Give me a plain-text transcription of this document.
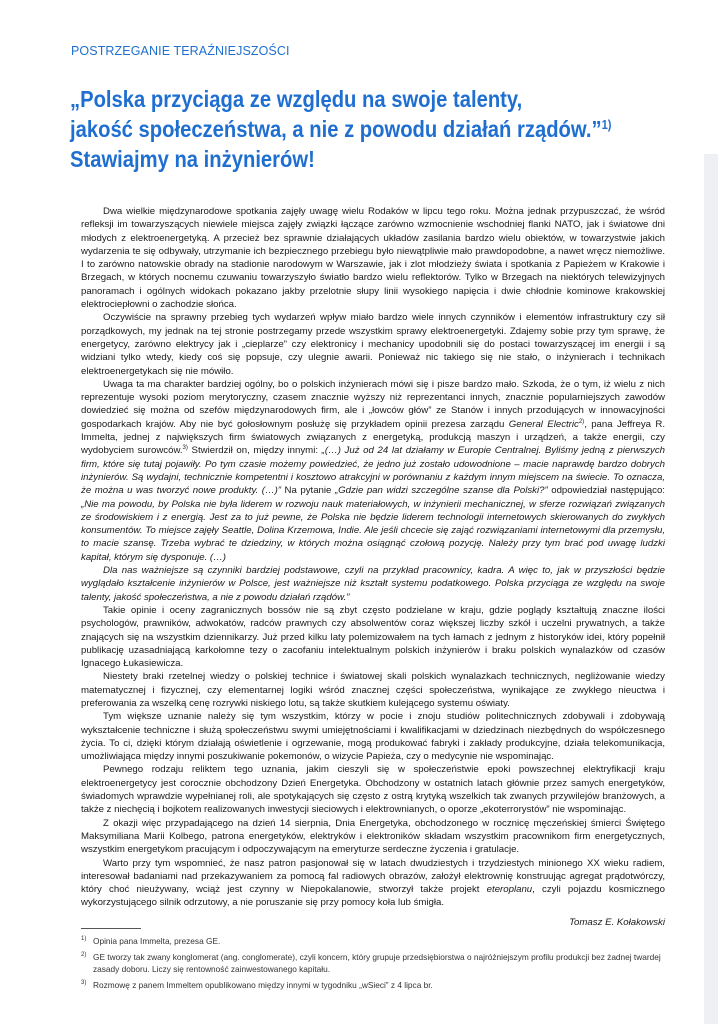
POSTRZEGANIE TERAŹNIEJSZOŚCI
„Polska przyciąga ze względu na swoje talenty,
jakość społeczeństwa, a nie z powodu działań rządów.”$^{1)}$
Stawiajmy na inżynierów!

Dwa wielkie międzynarodowe spotkania zajęły uwagę wielu Rodaków w lipcu tego roku. Można jednak przypuszczać, że wśród refleksji im towarzyszących niewiele miejsca zajęły związki łączące zarówno wzmocnienie wschodniej flanki NATO, jak i światowe dni młodych z elektroenergetyką. A przecież bez sprawnie działających układów zasilania bardzo wielu obiektów, w towarzystwie jakich wydarzenia te się odbywały, utrzymanie ich bezpiecznego przebiegu było niewątpliwie mało prawdopodobne, a nawet wręcz niemożliwe. I to zarówno natowskie obrady na stadionie narodowym w Warszawie, jak i zlot młodzieży świata i spotkania z Papieżem w Krakowie i Brzegach, w których nocnemu czuwaniu towarzyszyło światło bardzo wielu reflektorów. Tylko w Brzegach na niektórych telewizyjnych panoramach i ogólnych widokach pokazano jakby przelotnie słupy linii wysokiego napięcia i dwie chłodnie kominowe krakowskiej elektrociepłowni o zachodzie słońca.

Oczywiście na sprawny przebieg tych wydarzeń wpływ miało bardzo wiele innych czynników i elementów infrastruktury czy sił porządkowych, my jednak na tej stronie postrzegamy przede wszystkim sprawy elektroenergetyki. Zdajemy sobie przy tym sprawę, że energetycy, zarówno elektrycy jak i „cieplarze” czy elektronicy i mechanicy upodobnili się do postaci towarzyszącej im energii i są widziani tylko wtedy, kiedy coś się popsuje, czy ulegnie awarii. Ponieważ nic takiego się nie stało, o inżynierach i technikach elektroenergetykach się nie mówiło.

Uwaga ta ma charakter bardziej ogólny, bo o polskich inżynierach mówi się i pisze bardzo mało. Szkoda, że o tym, iż wielu z nich reprezentuje wysoki poziom merytoryczny, czasem znacznie wyższy niż reprezentanci innych, znacznie popularniejszych zawodów dowiedzieć się można od szefów międzynarodowych firm, ale i „łowców głów” ze Stanów i innych przodujących w innowacyjności gospodarkach krajów. Aby nie być gołosłownym posłużę się przykładem opinii prezesa zarządu General Electric$^{2)}$, pana Jeffreya R. Immelta, jednej z największych firm światowych związanych z energetyką, produkcją maszyn i urządzeń, a także energii, czy wydobyciem surowców.$^{3)}$ Stwierdził on, między innymi: „(…) Już od 24 lat działamy w Europie Centralnej. Byliśmy jedną z pierwszych firm, które się tutaj pojawiły. Po tym czasie możemy powiedzieć, że jedno już zostało udowodnione – macie naprawdę bardzo dobrych inżynierów. Są wydajni, technicznie kompetentni i kosztowo atrakcyjni w porównaniu z każdym innym miejscem na świecie. To oznacza, że można u was tworzyć nowe produkty. (…)” Na pytanie „Gdzie pan widzi szczególne szanse dla Polski?” odpowiedział następująco: „Nie ma powodu, by Polska nie była liderem w rozwoju nauk materiałowych, w inżynierii mechanicznej, w sferze rozwiązań związanych ze środowiskiem i z energią. Jest za to już pewne, że Polska nie będzie liderem technologii internetowych skierowanych do zwykłych konsumentów. To miejsce zajęły Seattle, Dolina Krzemowa, Indie. Ale jeśli chcecie się zająć rozwiązaniami internetowymi dla przemysłu, to macie szansę. Trzeba wybrać te dziedziny, w których można osiągnąć czołową pozycję. Należy przy tym brać pod uwagę ludzki kapitał, którym się dysponuje. (…)

Dla nas ważniejsze są czynniki bardziej podstawowe, czyli na przykład pracownicy, kadra. A więc to, jak w przyszłości będzie wyglądało kształcenie inżynierów w Polsce, jest ważniejsze niż kształt systemu podatkowego. Polska przyciąga ze względu na swoje talenty, jakość społeczeństwa, a nie z powodu działań rządów.”

Takie opinie i oceny zagranicznych bossów nie są zbyt często podzielane w kraju, gdzie poglądy kształtują znaczne ilości psychologów, prawników, adwokatów, radców prawnych czy absolwentów coraz większej liczby szkół i uczelni prywatnych, a także znających się na wszystkim dziennikarzy. Już przed kilku laty polemizowałem na tych łamach z jednym z historyków idei, który popełnił publikację uzasadniającą karkołomne tezy o zacofaniu intelektualnym polskich inżynierów i braku polskich wynalazków od czasów Ignacego Łukasiewicza.

Niestety braki rzetelnej wiedzy o polskiej technice i światowej skali polskich wynalazkach technicznych, negliżowanie wiedzy matematycznej i fizycznej, czy elementarnej logiki wśród znacznej części społeczeństwa, wynikające ze zwykłego nieuctwa i preferowania za wszelką cenę rozrywki niskiego lotu, są także skutkiem kulejącego systemu oświaty.

Tym większe uznanie należy się tym wszystkim, którzy w pocie i znoju studiów politechnicznych zdobywali i zdobywają wykształcenie techniczne i służą społeczeństwu swymi umiejętnościami i kwalifikacjami w dziedzinach niezbędnych do współczesnego życia. To ci, dzięki którym działają oświetlenie i ogrzewanie, mogą produkować fabryki i zakłady produkcyjne, działa telekomunikacja, umożliwiająca między innymi poszukiwanie pokemonów, o wizycie Papieża, czy o medycynie nie wspominając.

Pewnego rodzaju reliktem tego uznania, jakim cieszyli się w społeczeństwie epoki powszechnej elektryfikacji kraju elektroenergetycy jest corocznie obchodzony Dzień Energetyka. Obchodzony w ostatnich latach głównie przez samych energetyków, świadomych wprawdzie wypełnianej roli, ale spotykających się często z ostrą krytyką wszelkich tak zwanych przywilejów branżowych, a także z niechęcią i bojkotem realizowanych inwestycji sieciowych i elektrownianych, o oporze „ekoterrorystów” nie wspominając.

Z okazji więc przypadającego na dzień 14 sierpnia, Dnia Energetyka, obchodzonego w rocznicę męczeńskiej śmierci Świętego Maksymiliana Marii Kolbego, patrona energetyków, elektryków i elektroników składam wszystkim pracownikom firm energetycznych, wszystkim energetykom pracującym i odpoczywającym na emeryturze serdeczne życzenia i gratulacje.

Warto przy tym wspomnieć, że nasz patron pasjonował się w latach dwudziestych i trzydziestych minionego XX wieku radiem, interesował badaniami nad przekazywaniem za pomocą fal radiowych obrazów, założył elektrownię konstruując agregat prądotwórczy, który choć nieużywany, wciąż jest czynny w Niepokalanowie, stworzył także projekt eteroplanu, czyli pojazdu kosmicznego wykorzystującego silnik odrzutowy, a nie poruszanie się przy pomocy koła lub śmigła.

Tomasz E. Kołakowski

1) Opinia pana Immelta, prezesa GE.
2) GE tworzy tak zwany konglomerat (ang. conglomerate), czyli koncern, który grupuje przedsiębiorstwa o najróżniejszym profilu produkcji bez żadnej twardej zasady doboru. Liczy się rentowność zainwestowanego kapitału.
3) Rozmowę z panem Immeltem opublikowano między innymi w tygodniku „wSieci” z 4 lipca br.
